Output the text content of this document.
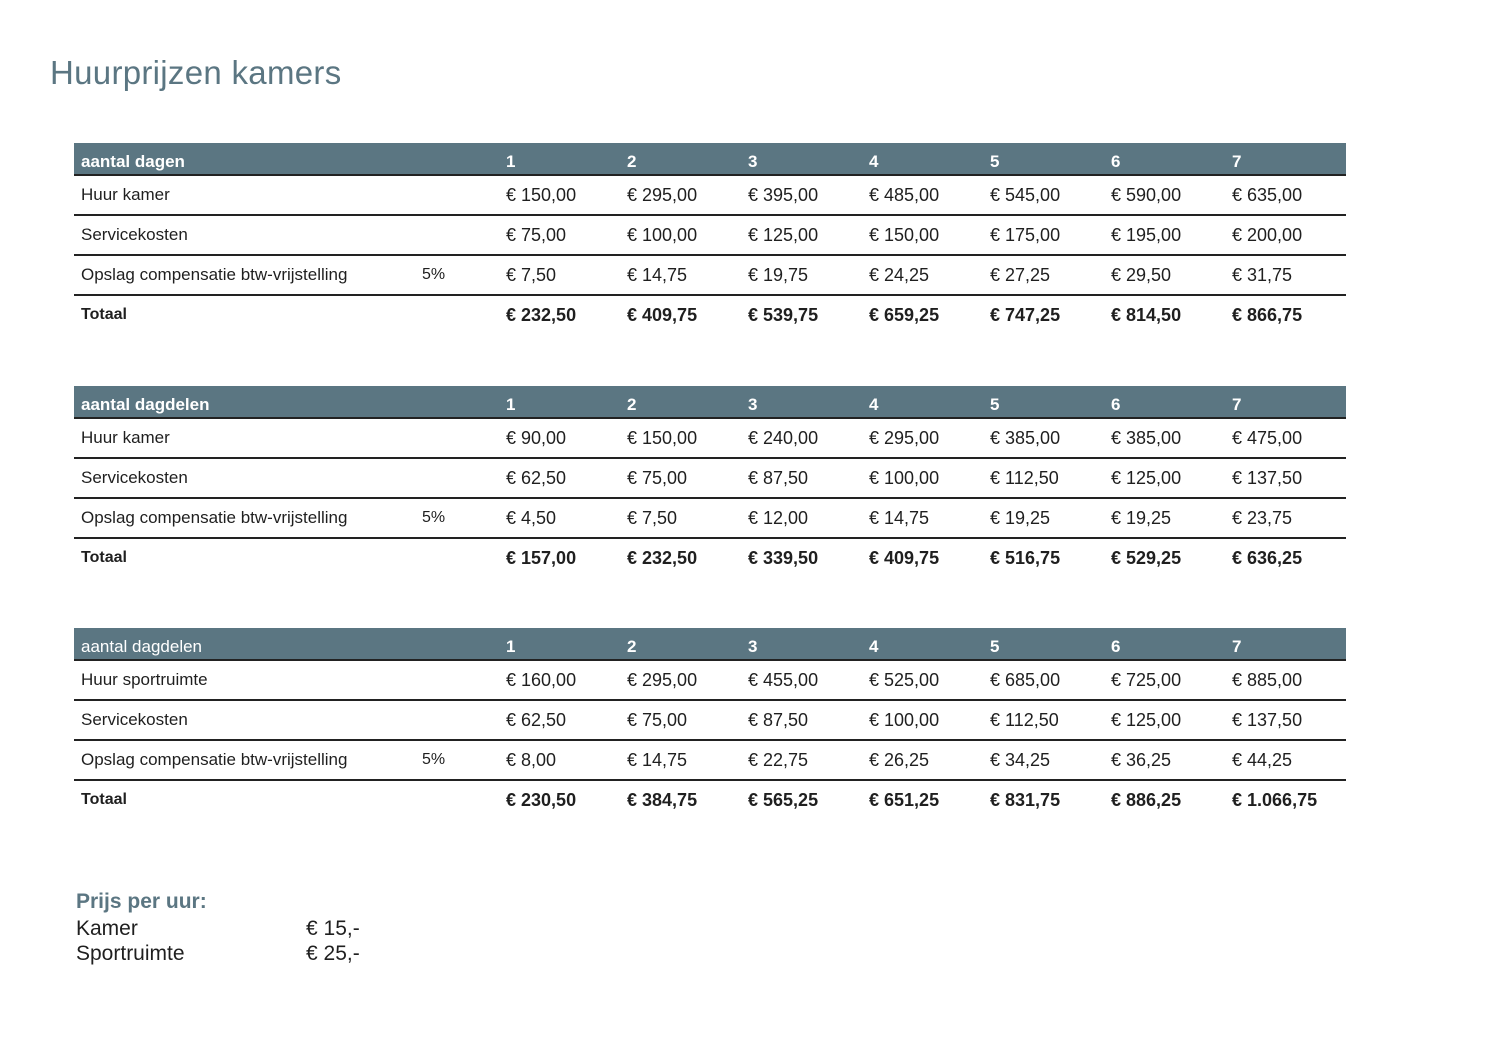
Huurprijzen kamers
aantal dagen		1	2	3	4	5	6	7
Huur kamer		€ 150,00	€ 295,00	€ 395,00	€ 485,00	€ 545,00	€ 590,00	€ 635,00
Servicekosten		€ 75,00	€ 100,00	€ 125,00	€ 150,00	€ 175,00	€ 195,00	€ 200,00
Opslag compensatie btw-vrijstelling	5%	€ 7,50	€ 14,75	€ 19,75	€ 24,25	€ 27,25	€ 29,50	€ 31,75
Totaal		€ 232,50	€ 409,75	€ 539,75	€ 659,25	€ 747,25	€ 814,50	€ 866,75
aantal dagdelen		1	2	3	4	5	6	7
Huur kamer		€ 90,00	€ 150,00	€ 240,00	€ 295,00	€ 385,00	€ 385,00	€ 475,00
Servicekosten		€ 62,50	€ 75,00	€ 87,50	€ 100,00	€ 112,50	€ 125,00	€ 137,50
Opslag compensatie btw-vrijstelling	5%	€ 4,50	€ 7,50	€ 12,00	€ 14,75	€ 19,25	€ 19,25	€ 23,75
Totaal		€ 157,00	€ 232,50	€ 339,50	€ 409,75	€ 516,75	€ 529,25	€ 636,25
aantal dagdelen		1	2	3	4	5	6	7
Huur sportruimte		€ 160,00	€ 295,00	€ 455,00	€ 525,00	€ 685,00	€ 725,00	€ 885,00
Servicekosten		€ 62,50	€ 75,00	€ 87,50	€ 100,00	€ 112,50	€ 125,00	€ 137,50
Opslag compensatie btw-vrijstelling	5%	€ 8,00	€ 14,75	€ 22,75	€ 26,25	€ 34,25	€ 36,25	€ 44,25
Totaal		€ 230,50	€ 384,75	€ 565,25	€ 651,25	€ 831,75	€ 886,25	€ 1.066,75
Prijs per uur:
Kamer	€ 15,-
Sportruimte	€ 25,-
